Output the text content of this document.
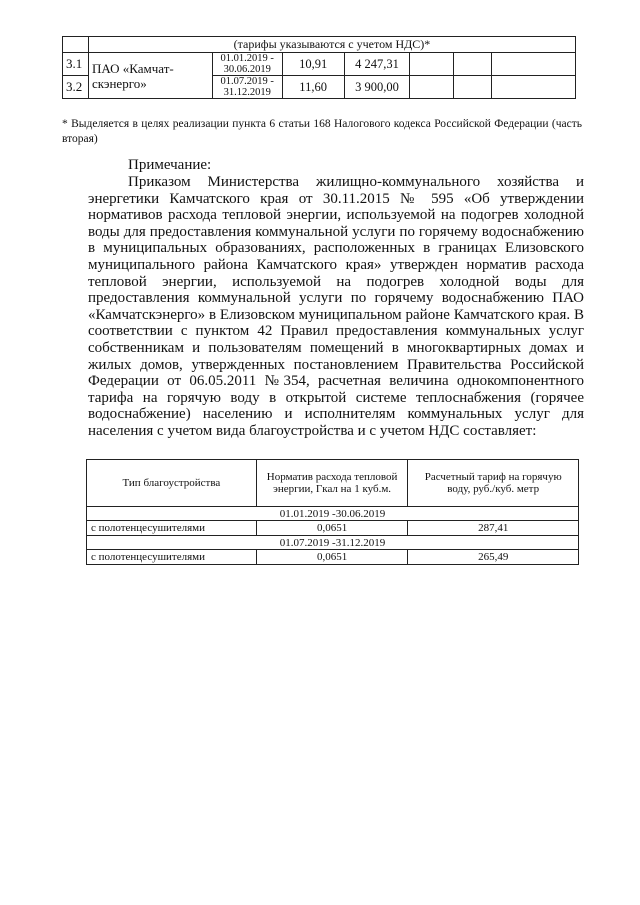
	(тарифы указываются с учетом НДС)*						
3.1	ПАО «Камчат-
скэнерго»	01.01.2019 - 30.06.2019	10,91	4 247,31			
3.2		01.07.2019 - 31.12.2019	11,60	3 900,00			
* Выделяется в целях реализации пункта 6 статьи 168 Налогового кодекса Российской Федерации (часть вторая)
Примечание:
Приказом Министерства жилищно-коммунального хозяйства и энергетики Камчатского края от 30.11.2015 № 595 «Об утверждении нормативов расхода тепловой энергии, используемой на подогрев холодной воды для предоставления коммунальной услуги по горячему водоснабжению в муниципальных образованиях, расположенных в границах Елизовского муниципального района Камчатского края» утвержден норматив расхода тепловой энергии, используемой на подогрев холодной воды для предоставления коммунальной услуги по горячему водоснабжению ПАО «Камчатскэнерго» в Елизовском муниципальном районе Камчатского края. В соответствии с пунктом 42 Правил предоставления коммунальных услуг собственникам и пользователям помещений в многоквартирных домах и жилых домов, утвержденных постановлением Правительства Российской Федерации от 06.05.2011 №354, расчетная величина однокомпонентного тарифа на горячую воду в открытой системе теплоснабжения (горячее водоснабжение) населению и исполнителям коммунальных услуг для населения с учетом вида благоустройства и с учетом НДС составляет:
Тип благоустройства	Норматив расхода тепловой энергии, Гкал на 1 куб.м.	Расчетный тариф на горячую воду, руб./куб. метр
01.01.2019 -30.06.2019		
с полотенцесушителями	0,0651	287,41
01.07.2019 -31.12.2019		
с полотенцесушителями	0,0651	265,49
